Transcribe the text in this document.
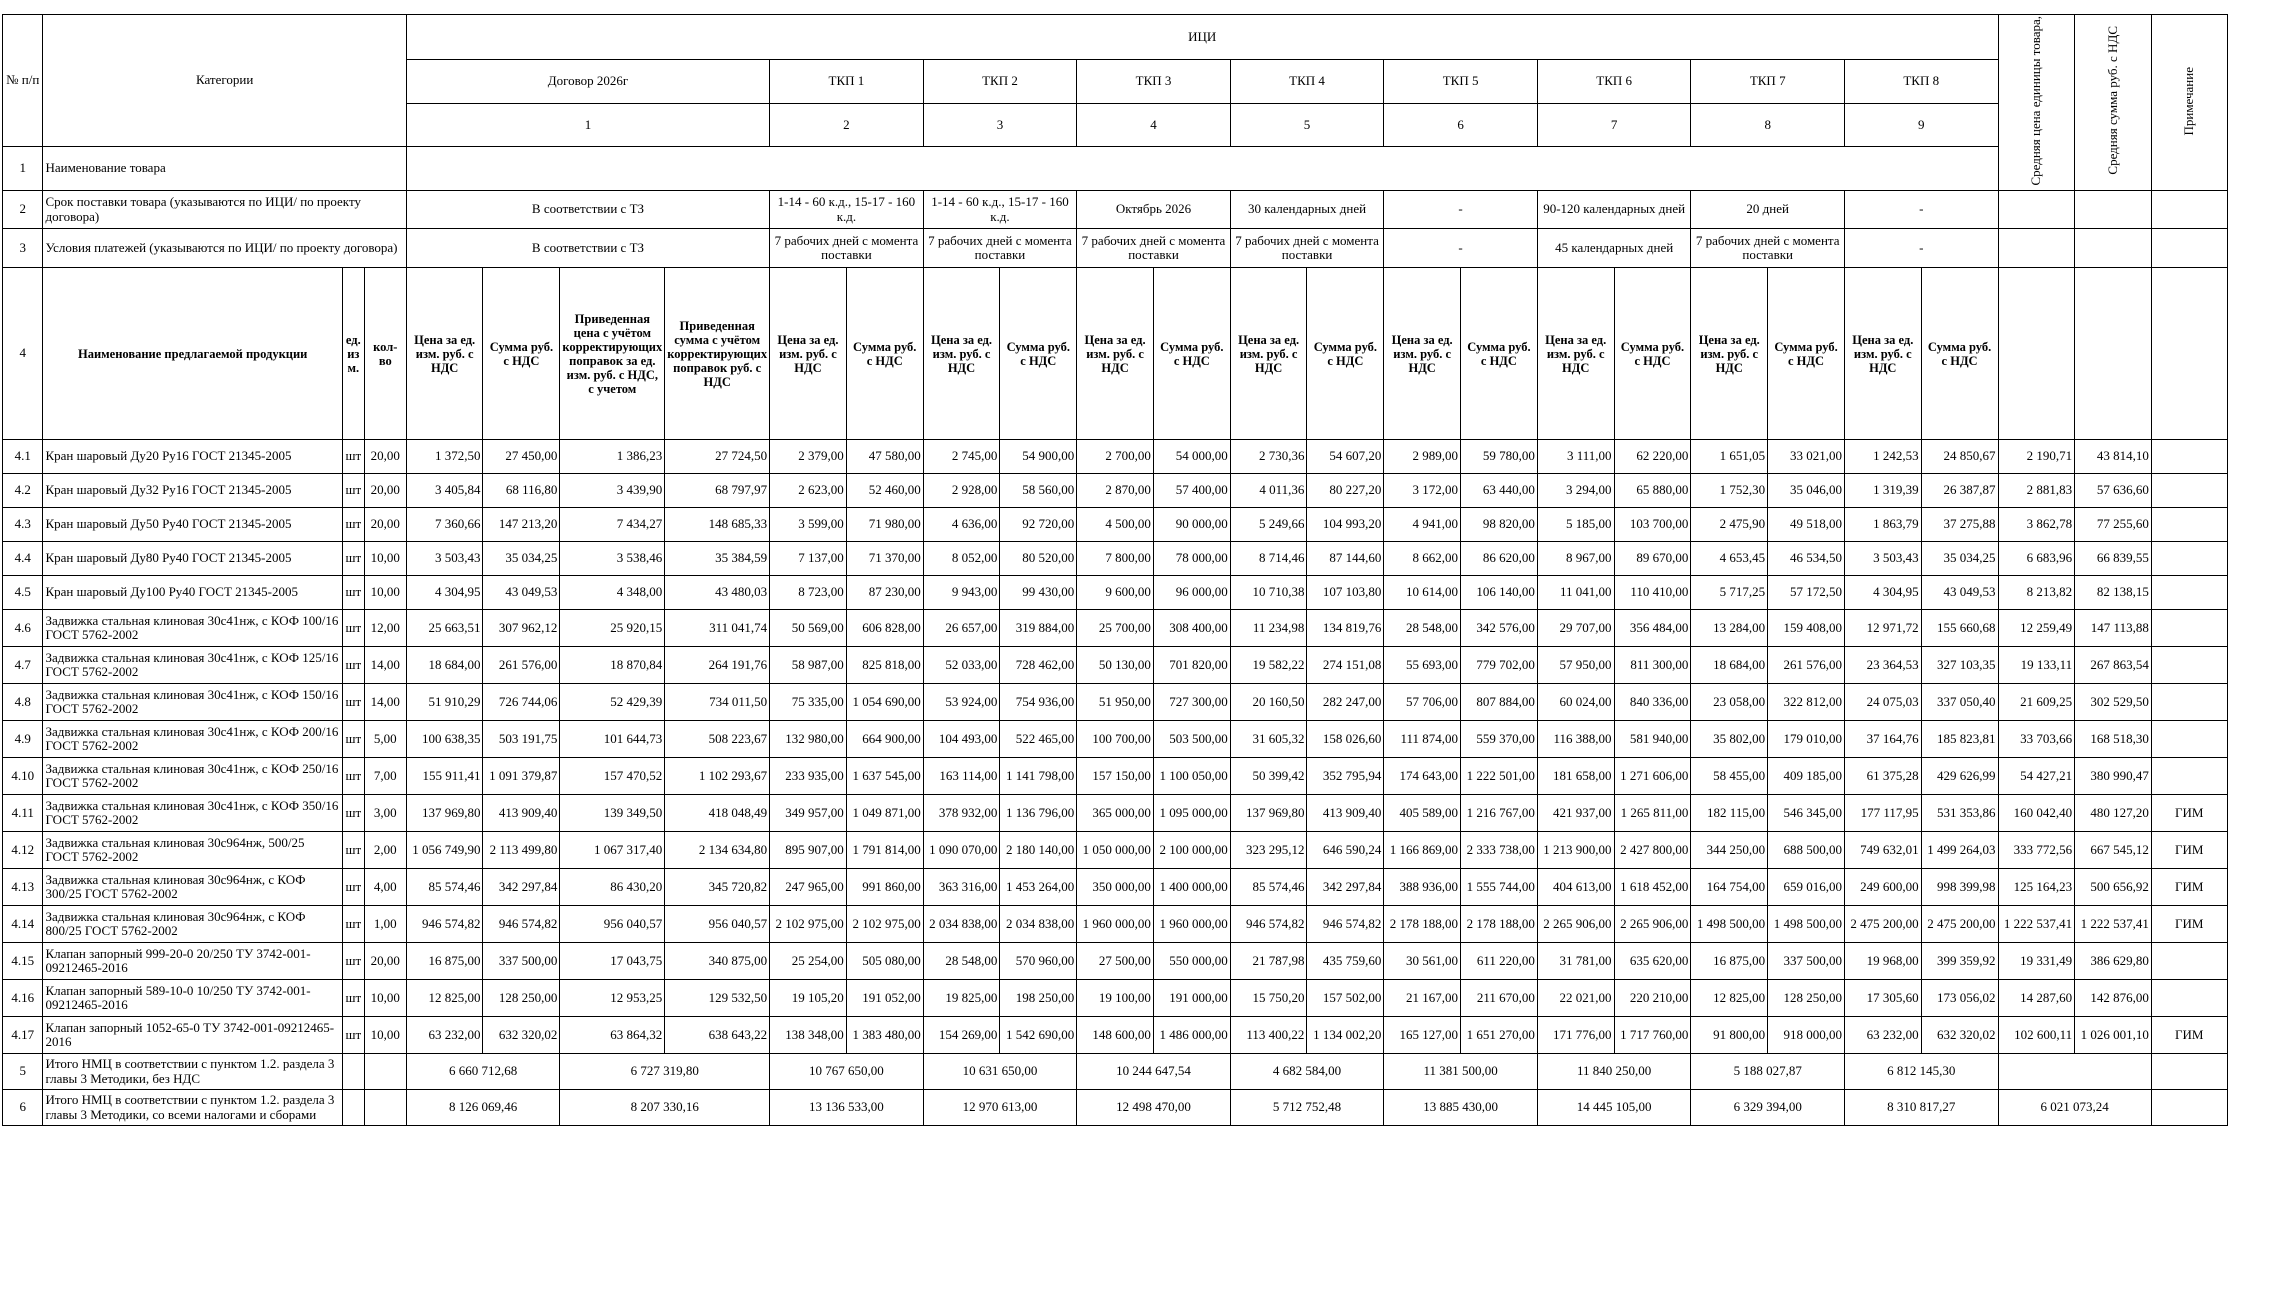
№ п/п	Категории			ИЦИ																				Средняя цена единицы товара,	Средняя сумма руб. с НДС	Примечание
				Договор 2026г				ТКП 1		ТКП 2		ТКП 3		ТКП 4		ТКП 5		ТКП 6		ТКП 7		ТКП 8				
				1				2		3		4		5		6		7		8		9				
1	Наименование товара																									
2	Срок поставки товара (указываются по ИЦИ/ по проекту договора)			В соответствии с ТЗ				1-14 - 60 к.д., 15-17 - 160 к.д.		1-14 - 60 к.д., 15-17 - 160 к.д.		Октябрь 2026		30 календарных дней		-		90-120 календарных дней		20 дней		-				
3	Условия платежей (указываются по ИЦИ/ по проекту договора)			В соответствии с ТЗ				7 рабочих дней с момента поставки		7 рабочих дней с момента поставки		7 рабочих дней с момента поставки		7 рабочих дней с момента поставки		-		45 календарных дней		7 рабочих дней с момента поставки		-				
4	Наименование предлагаемой продукции	ед. из м.	кол-во	Цена за ед. изм. руб. с НДС	Сумма руб. с НДС	Приведенная цена с учётом корректирующих поправок за ед. изм. руб. с НДС, с учетом	Приведенная сумма с учётом корректирующих поправок руб. с НДС	Цена за ед. изм. руб. с НДС	Сумма руб. с НДС	Цена за ед. изм. руб. с НДС	Сумма руб. с НДС	Цена за ед. изм. руб. с НДС	Сумма руб. с НДС	Цена за ед. изм. руб. с НДС	Сумма руб. с НДС	Цена за ед. изм. руб. с НДС	Сумма руб. с НДС	Цена за ед. изм. руб. с НДС	Сумма руб. с НДС	Цена за ед. изм. руб. с НДС	Сумма руб. с НДС	Цена за ед. изм. руб. с НДС	Сумма руб. с НДС			
4.1	Кран шаровый Ду20 Ру16 ГОСТ 21345-2005	шт	20,00	1 372,50	27 450,00	1 386,23	27 724,50	2 379,00	47 580,00	2 745,00	54 900,00	2 700,00	54 000,00	2 730,36	54 607,20	2 989,00	59 780,00	3 111,00	62 220,00	1 651,05	33 021,00	1 242,53	24 850,67	2 190,71	43 814,10	
4.2	Кран шаровый Ду32 Ру16 ГОСТ 21345-2005	шт	20,00	3 405,84	68 116,80	3 439,90	68 797,97	2 623,00	52 460,00	2 928,00	58 560,00	2 870,00	57 400,00	4 011,36	80 227,20	3 172,00	63 440,00	3 294,00	65 880,00	1 752,30	35 046,00	1 319,39	26 387,87	2 881,83	57 636,60	
4.3	Кран шаровый Ду50 Ру40 ГОСТ 21345-2005	шт	20,00	7 360,66	147 213,20	7 434,27	148 685,33	3 599,00	71 980,00	4 636,00	92 720,00	4 500,00	90 000,00	5 249,66	104 993,20	4 941,00	98 820,00	5 185,00	103 700,00	2 475,90	49 518,00	1 863,79	37 275,88	3 862,78	77 255,60	
4.4	Кран шаровый Ду80 Ру40 ГОСТ 21345-2005	шт	10,00	3 503,43	35 034,25	3 538,46	35 384,59	7 137,00	71 370,00	8 052,00	80 520,00	7 800,00	78 000,00	8 714,46	87 144,60	8 662,00	86 620,00	8 967,00	89 670,00	4 653,45	46 534,50	3 503,43	35 034,25	6 683,96	66 839,55	
4.5	Кран шаровый Ду100 Ру40 ГОСТ 21345-2005	шт	10,00	4 304,95	43 049,53	4 348,00	43 480,03	8 723,00	87 230,00	9 943,00	99 430,00	9 600,00	96 000,00	10 710,38	107 103,80	10 614,00	106 140,00	11 041,00	110 410,00	5 717,25	57 172,50	4 304,95	43 049,53	8 213,82	82 138,15	
4.6	Задвижка стальная клиновая 30с41нж, с КОФ 100/16 ГОСТ 5762-2002	шт	12,00	25 663,51	307 962,12	25 920,15	311 041,74	50 569,00	606 828,00	26 657,00	319 884,00	25 700,00	308 400,00	11 234,98	134 819,76	28 548,00	342 576,00	29 707,00	356 484,00	13 284,00	159 408,00	12 971,72	155 660,68	12 259,49	147 113,88	
4.7	Задвижка стальная клиновая 30с41нж, с КОФ 125/16 ГОСТ 5762-2002	шт	14,00	18 684,00	261 576,00	18 870,84	264 191,76	58 987,00	825 818,00	52 033,00	728 462,00	50 130,00	701 820,00	19 582,22	274 151,08	55 693,00	779 702,00	57 950,00	811 300,00	18 684,00	261 576,00	23 364,53	327 103,35	19 133,11	267 863,54	
4.8	Задвижка стальная клиновая 30с41нж, с КОФ 150/16 ГОСТ 5762-2002	шт	14,00	51 910,29	726 744,06	52 429,39	734 011,50	75 335,00	1 054 690,00	53 924,00	754 936,00	51 950,00	727 300,00	20 160,50	282 247,00	57 706,00	807 884,00	60 024,00	840 336,00	23 058,00	322 812,00	24 075,03	337 050,40	21 609,25	302 529,50	
4.9	Задвижка стальная клиновая 30с41нж, с КОФ 200/16 ГОСТ 5762-2002	шт	5,00	100 638,35	503 191,75	101 644,73	508 223,67	132 980,00	664 900,00	104 493,00	522 465,00	100 700,00	503 500,00	31 605,32	158 026,60	111 874,00	559 370,00	116 388,00	581 940,00	35 802,00	179 010,00	37 164,76	185 823,81	33 703,66	168 518,30	
4.10	Задвижка стальная клиновая 30с41нж, с КОФ 250/16 ГОСТ 5762-2002	шт	7,00	155 911,41	1 091 379,87	157 470,52	1 102 293,67	233 935,00	1 637 545,00	163 114,00	1 141 798,00	157 150,00	1 100 050,00	50 399,42	352 795,94	174 643,00	1 222 501,00	181 658,00	1 271 606,00	58 455,00	409 185,00	61 375,28	429 626,99	54 427,21	380 990,47	
4.11	Задвижка стальная клиновая 30с41нж, с КОФ 350/16 ГОСТ 5762-2002	шт	3,00	137 969,80	413 909,40	139 349,50	418 048,49	349 957,00	1 049 871,00	378 932,00	1 136 796,00	365 000,00	1 095 000,00	137 969,80	413 909,40	405 589,00	1 216 767,00	421 937,00	1 265 811,00	182 115,00	546 345,00	177 117,95	531 353,86	160 042,40	480 127,20	ГИМ
4.12	Задвижка стальная клиновая 30с964нж, 500/25 ГОСТ 5762-2002	шт	2,00	1 056 749,90	2 113 499,80	1 067 317,40	2 134 634,80	895 907,00	1 791 814,00	1 090 070,00	2 180 140,00	1 050 000,00	2 100 000,00	323 295,12	646 590,24	1 166 869,00	2 333 738,00	1 213 900,00	2 427 800,00	344 250,00	688 500,00	749 632,01	1 499 264,03	333 772,56	667 545,12	ГИМ
4.13	Задвижка стальная клиновая 30с964нж, с КОФ 300/25 ГОСТ 5762-2002	шт	4,00	85 574,46	342 297,84	86 430,20	345 720,82	247 965,00	991 860,00	363 316,00	1 453 264,00	350 000,00	1 400 000,00	85 574,46	342 297,84	388 936,00	1 555 744,00	404 613,00	1 618 452,00	164 754,00	659 016,00	249 600,00	998 399,98	125 164,23	500 656,92	ГИМ
4.14	Задвижка стальная клиновая 30с964нж, с КОФ 800/25 ГОСТ 5762-2002	шт	1,00	946 574,82	946 574,82	956 040,57	956 040,57	2 102 975,00	2 102 975,00	2 034 838,00	2 034 838,00	1 960 000,00	1 960 000,00	946 574,82	946 574,82	2 178 188,00	2 178 188,00	2 265 906,00	2 265 906,00	1 498 500,00	1 498 500,00	2 475 200,00	2 475 200,00	1 222 537,41	1 222 537,41	ГИМ
4.15	Клапан запорный 999-20-0 20/250 ТУ 3742-001-09212465-2016	шт	20,00	16 875,00	337 500,00	17 043,75	340 875,00	25 254,00	505 080,00	28 548,00	570 960,00	27 500,00	550 000,00	21 787,98	435 759,60	30 561,00	611 220,00	31 781,00	635 620,00	16 875,00	337 500,00	19 968,00	399 359,92	19 331,49	386 629,80	
4.16	Клапан запорный 589-10-0 10/250 ТУ 3742-001-09212465-2016	шт	10,00	12 825,00	128 250,00	12 953,25	129 532,50	19 105,20	191 052,00	19 825,00	198 250,00	19 100,00	191 000,00	15 750,20	157 502,00	21 167,00	211 670,00	22 021,00	220 210,00	12 825,00	128 250,00	17 305,60	173 056,02	14 287,60	142 876,00	
4.17	Клапан запорный 1052-65-0 ТУ 3742-001-09212465-2016	шт	10,00	63 232,00	632 320,02	63 864,32	638 643,22	138 348,00	1 383 480,00	154 269,00	1 542 690,00	148 600,00	1 486 000,00	113 400,22	1 134 002,20	165 127,00	1 651 270,00	171 776,00	1 717 760,00	91 800,00	918 000,00	63 232,00	632 320,02	102 600,11	1 026 001,10	ГИМ
5	Итого НМЦ в соответствии с пунктом 1.2. раздела 3 главы 3 Методики, без НДС			6 660 712,68		6 727 319,80		10 767 650,00		10 631 650,00		10 244 647,54		4 682 584,00		11 381 500,00		11 840 250,00		5 188 027,87		6 812 145,30				
6	Итого НМЦ в соответствии с пунктом 1.2. раздела 3 главы 3 Методики, со всеми налогами и сборами			8 126 069,46		8 207 330,16		13 136 533,00		12 970 613,00		12 498 470,00		5 712 752,48		13 885 430,00		14 445 105,00		6 329 394,00		8 310 817,27		6 021 073,24		
